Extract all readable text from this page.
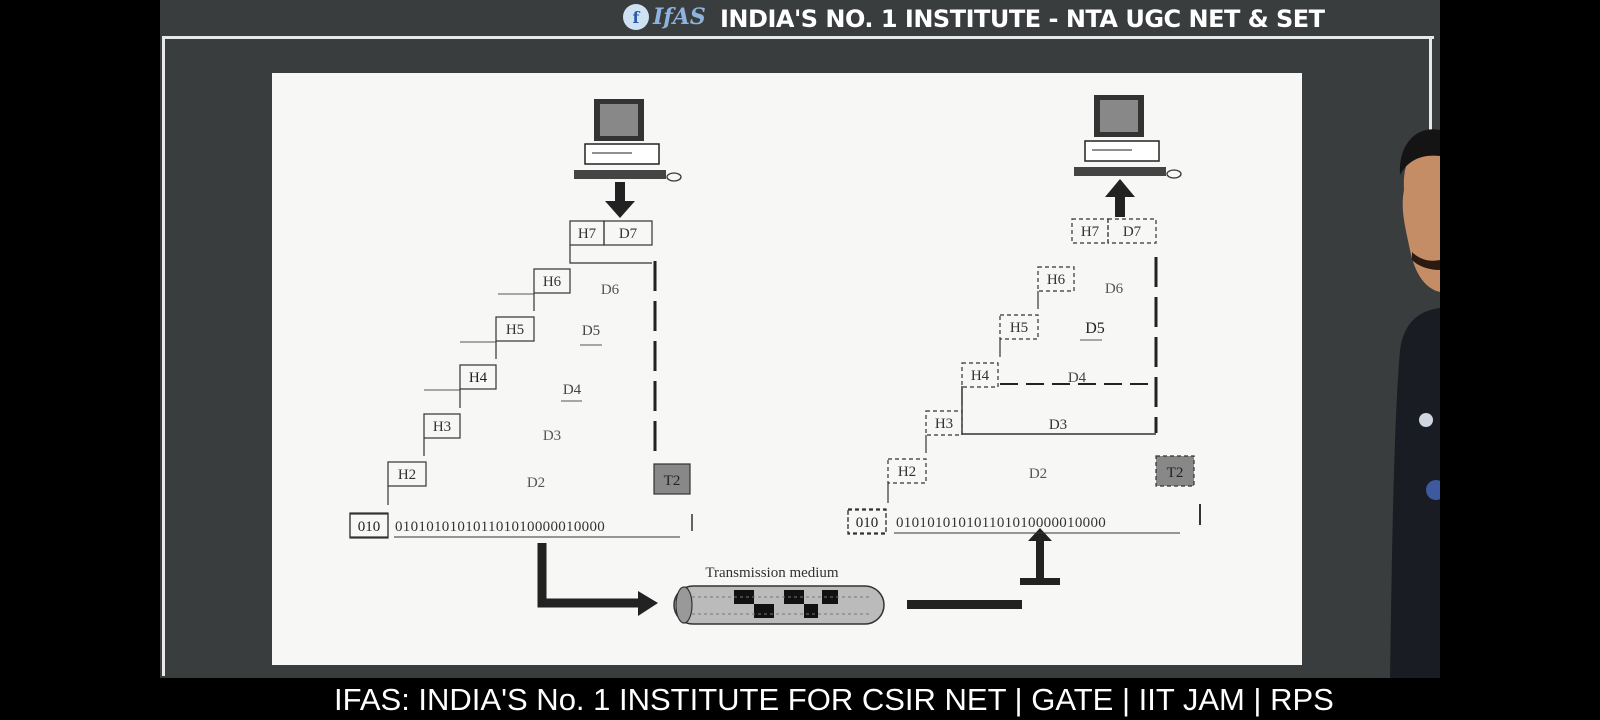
f IfAS INDIA'S NO. 1 INSTITUTE - NTA UGC NET & SET
H7 D7
H6
H5
H4
H3
H2
D6
D5
D4
D3
D2	T2
010 010101010101101010000010000
Transmission medium
H7 D7
H6
H5
H4
H3
H2
D6
D5
D4
D3
D2	T2
010 010101010101101010000010000
IFAS: INDIA'S No. 1 INSTITUTE FOR CSIR NET | GATE | IIT JAM | RPS
